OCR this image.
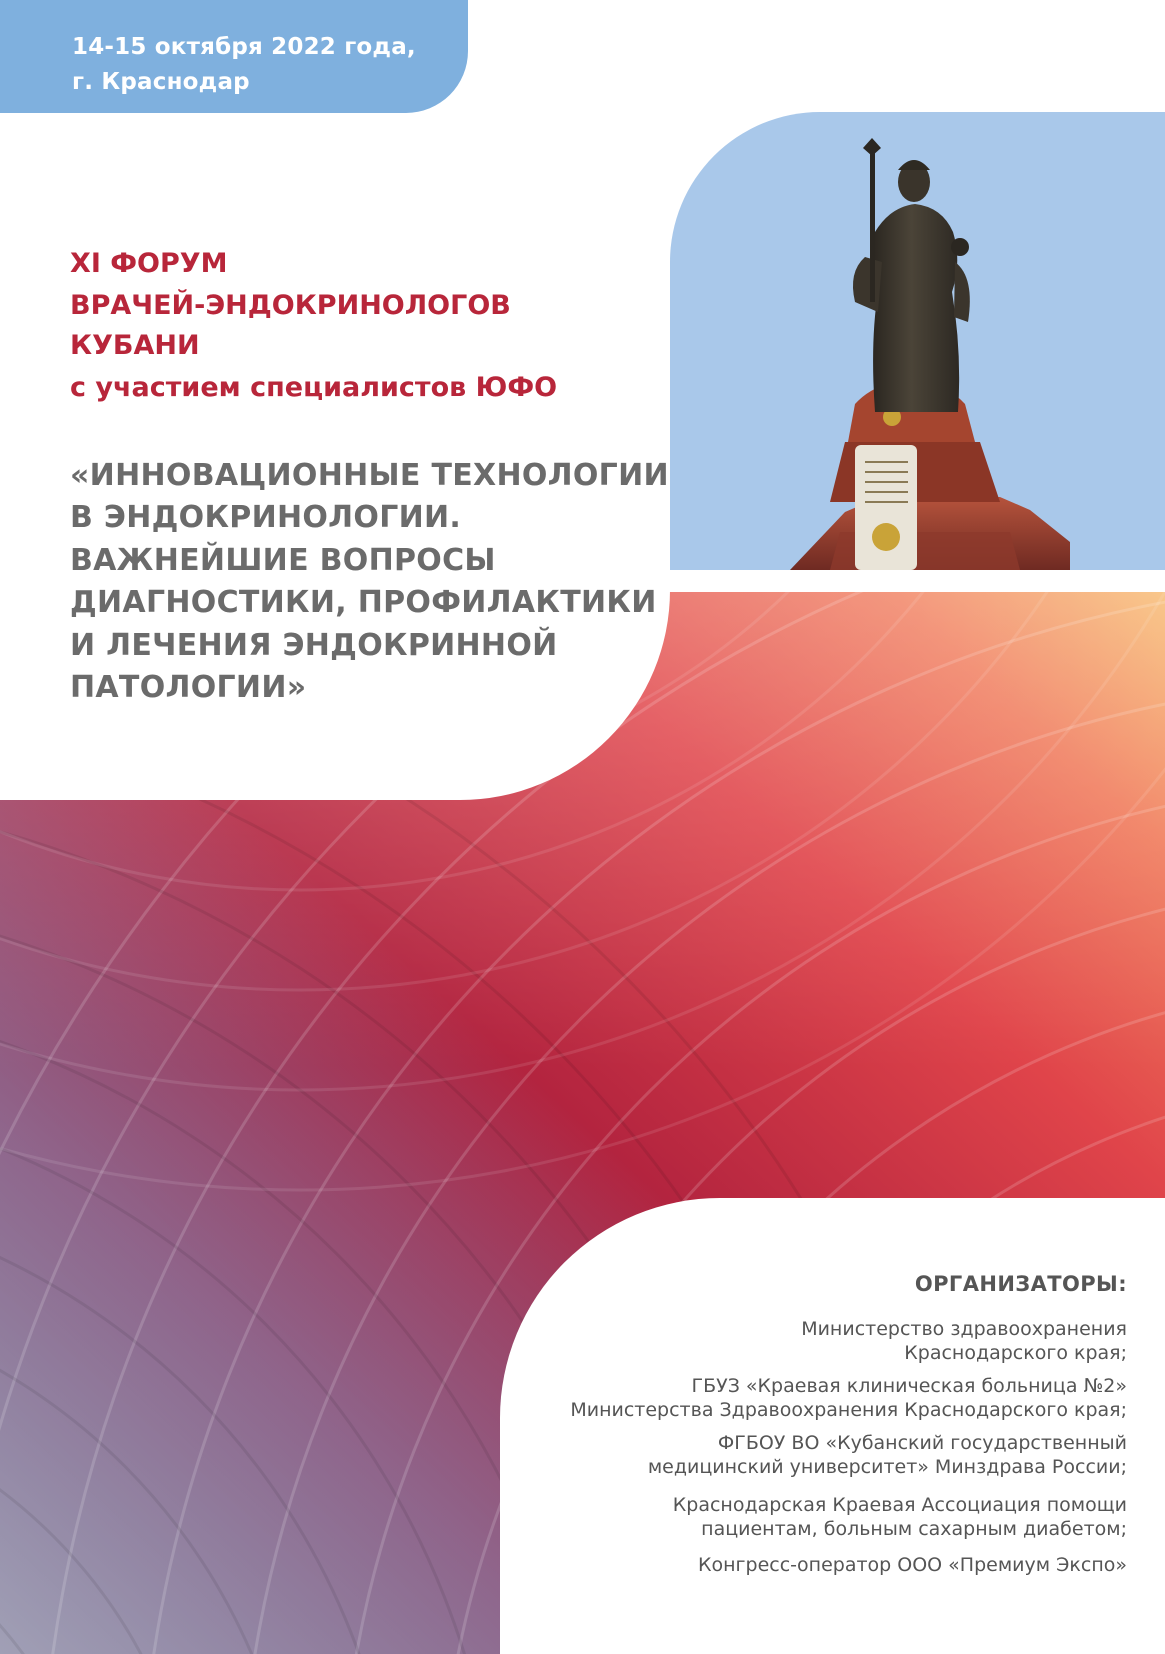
14-15 октября 2022 года,
г. Краснодар
XI ФОРУМ
ВРАЧЕЙ-ЭНДОКРИНОЛОГОВ
КУБАНИ
с участием специалистов ЮФО
«ИННОВАЦИОННЫЕ ТЕХНОЛОГИИ
В ЭНДОКРИНОЛОГИИ.
ВАЖНЕЙШИЕ ВОПРОСЫ
ДИАГНОСТИКИ, ПРОФИЛАКТИКИ
И ЛЕЧЕНИЯ ЭНДОКРИННОЙ
ПАТОЛОГИИ»
ОРГАНИЗАТОРЫ:
Министерство здравоохранения
Краснодарского края;
ГБУЗ «Краевая клиническая больница №2»
Министерства Здравоохранения Краснодарского края;
ФГБОУ ВО «Кубанский государственный
медицинский университет» Минздрава России;
Краснодарская Краевая Ассоциация помощи
пациентам, больным сахарным диабетом;
Конгресс-оператор ООО «Премиум Экспо»
